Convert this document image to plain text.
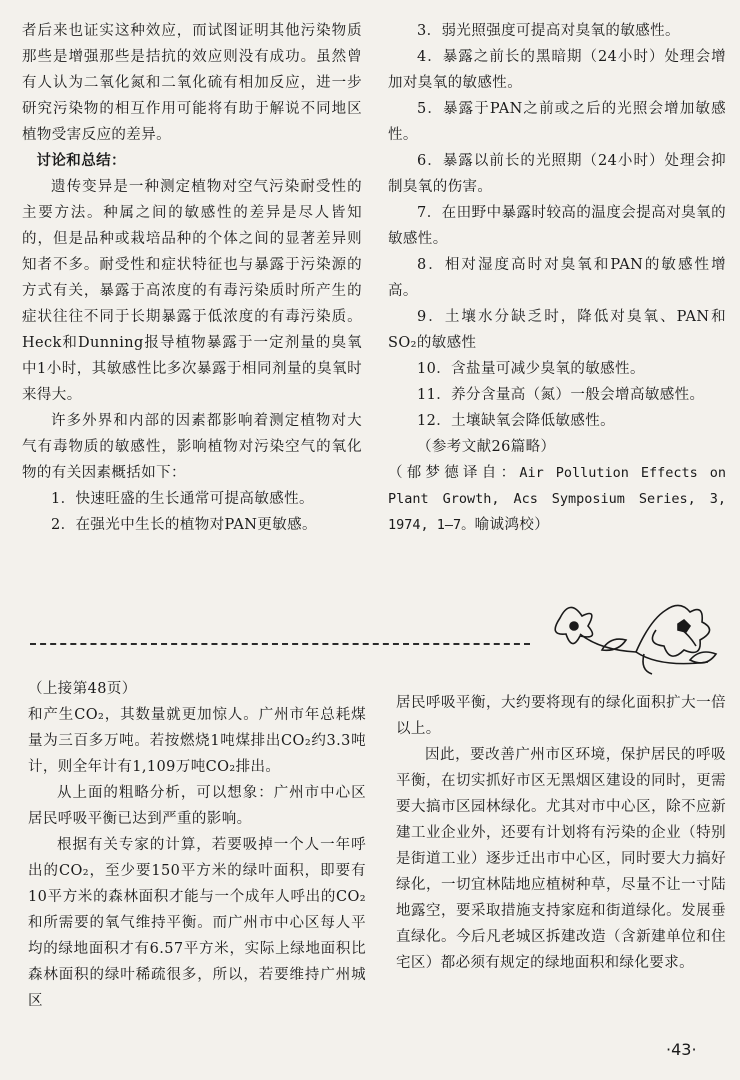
者后来也证实这种效应，而试图证明其他污染物质那些是增强那些是拮抗的效应则没有成功。虽然曾有人认为二氧化氮和二氧化硫有相加反应，进一步研究污染物的相互作用可能将有助于解说不同地区植物受害反应的差异。

讨论和总结：

遗传变异是一种测定植物对空气污染耐受性的主要方法。种属之间的敏感性的差异是尽人皆知的，但是品种或栽培品种的个体之间的显著差异则知者不多。耐受性和症状特征也与暴露于污染源的方式有关，暴露于高浓度的有毒污染质时所产生的症状往往不同于长期暴露于低浓度的有毒污染质。Heck和Dunning报导植物暴露于一定剂量的臭氧中1小时，其敏感性比多次暴露于相同剂量的臭氧时来得大。

许多外界和内部的因素都影响着测定植物对大气有毒物质的敏感性，影响植物对污染空气的氧化物的有关因素概括如下：

1．快速旺盛的生长通常可提高敏感性。

2．在强光中生长的植物对PAN更敏感。

3．弱光照强度可提高对臭氧的敏感性。

4．暴露之前长的黑暗期（24小时）处理会增加对臭氧的敏感性。

5．暴露于PAN之前或之后的光照会增加敏感性。

6．暴露以前长的光照期（24小时）处理会抑制臭氧的伤害。

7．在田野中暴露时较高的温度会提高对臭氧的敏感性。

8．相对湿度高时对臭氧和PAN的敏感性增高。

9．土壤水分缺乏时，降低对臭氧、PAN和SO₂的敏感性

10．含盐量可减少臭氧的敏感性。

11．养分含量高（氮）一般会增高敏感性。

12．土壤缺氧会降低敏感性。

（参考文献26篇略）

（郁梦德译自：Air Pollution Effects on Plant Growth, Acs Symposium Series, 3, 1974, 1—7。喻诚鸿校）

（上接第48页）

和产生CO₂，其数量就更加惊人。广州市年总耗煤量为三百多万吨。若按燃烧1吨煤排出CO₂约3.3吨计，则全年计有1,109万吨CO₂排出。

从上面的粗略分析，可以想象：广州市中心区居民呼吸平衡已达到严重的影响。

根据有关专家的计算，若要吸掉一个人一年呼出的CO₂，至少要150平方米的绿叶面积，即要有10平方米的森林面积才能与一个成年人呼出的CO₂和所需要的氧气维持平衡。而广州市中心区每人平均的绿地面积才有6.57平方米，实际上绿地面积比森林面积的绿叶稀疏很多，所以，若要维持广州城区

居民呼吸平衡，大约要将现有的绿化面积扩大一倍以上。

因此，要改善广州市区环境，保护居民的呼吸平衡，在切实抓好市区无黑烟区建设的同时，更需要大搞市区园林绿化。尤其对市中心区，除不应新建工业企业外，还要有计划将有污染的企业（特别是街道工业）逐步迁出市中心区，同时要大力搞好绿化，一切宜林陆地应植树种草，尽量不让一寸陆地露空，要采取措施支持家庭和街道绿化。发展垂直绿化。今后凡老城区拆建改造（含新建单位和住宅区）都必须有规定的绿地面积和绿化要求。

·43·
